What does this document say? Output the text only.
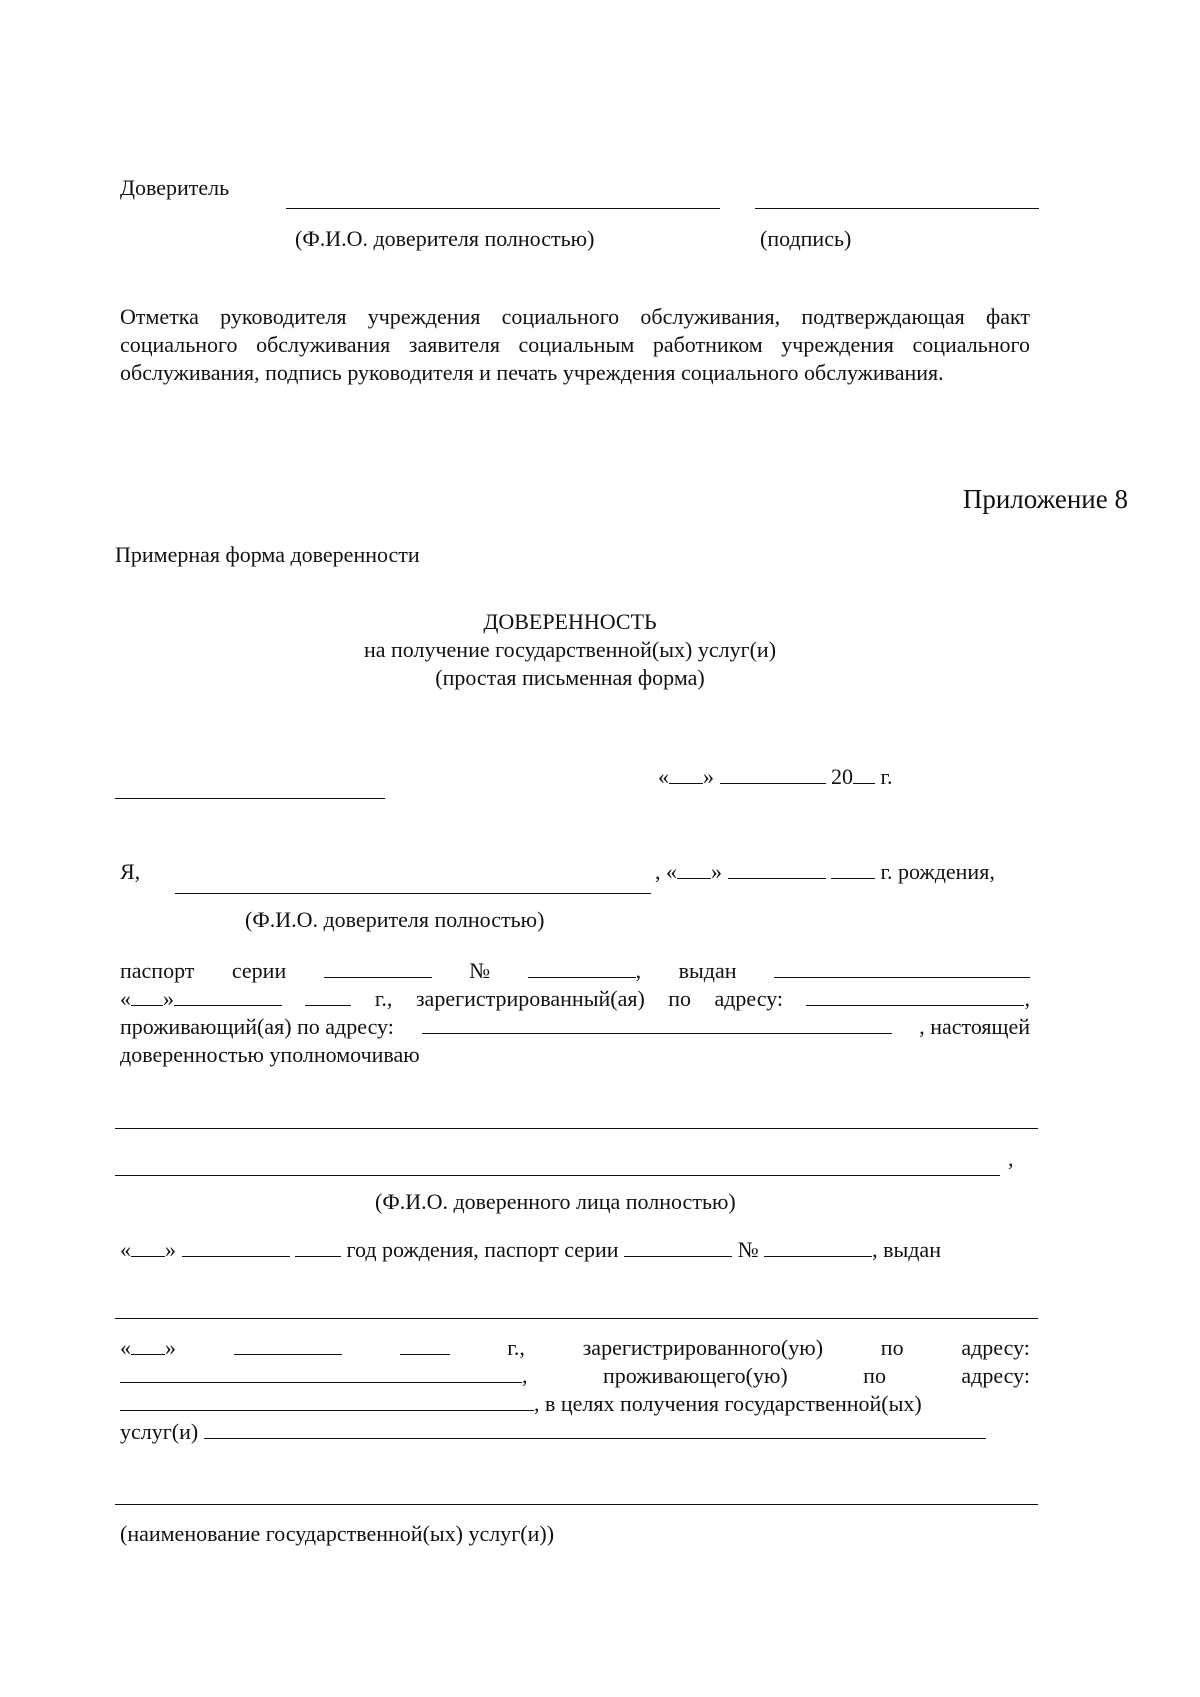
Доверитель
(Ф.И.О. доверителя полностью)	(подпись)
Отметка руководителя учреждения социального обслуживания, подтверждающая факт социального обслуживания заявителя социальным работником учреждения социального обслуживания, подпись руководителя и печать учреждения социального обслуживания.
Приложение 8
Примерная форма доверенности
ДОВЕРЕННОСТЬ
на получение государственной(ых) услуг(и)
(простая письменная форма)
« »	20 г.
Я,	, « »	г. рождения,
(Ф.И.О. доверителя полностью)
паспорт серии	№	, выдан
« »	г., зарегистрированный(ая) по адресу:	,
проживающий(ая) по адресу:	, настоящей
доверенностью уполномочиваю
,
(Ф.И.О. доверенного лица полностью)
« »	год рождения, паспорт серии	№	, выдан
« »	г.,	зарегистрированного(ую)	по	адресу:
,	проживающего(ую)	по	адресу:
, в целях получения государственной(ых)
услуг(и)
(наименование государственной(ых) услуг(и))
